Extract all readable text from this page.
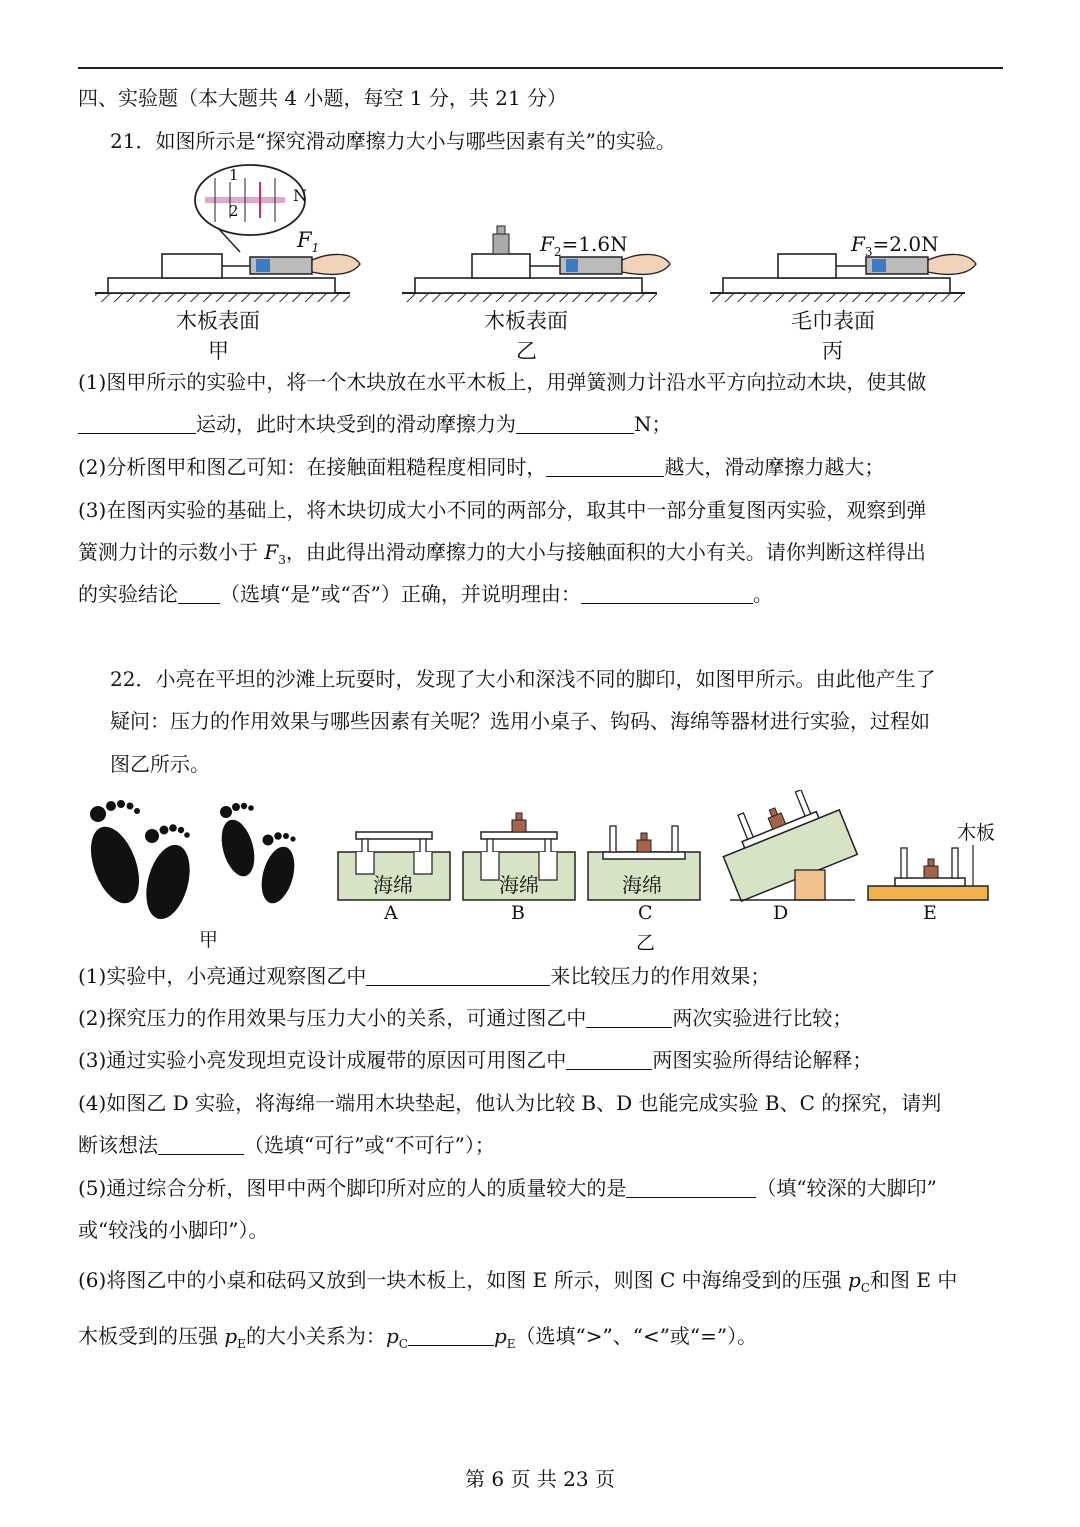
四、实验题（本大题共 4 小题，每空 1 分，共 21 分）
21．如图所示是“探究滑动摩擦力大小与哪些因素有关”的实验。
1
2
N
$F_1$	$F_2=1.6N$	$F_3=2.0N$
木板表面
甲
木板表面
乙
毛巾表面
丙
(1)图甲所示的实验中，将一个木块放在水平木板上，用弹簧测力计沿水平方向拉动木块，使其做
运动，此时木块受到的滑动摩擦力为	N；
(2)分析图甲和图乙可知：在接触面粗糙程度相同时，	越大，滑动摩擦力越大；
(3)在图丙实验的基础上，将木块切成大小不同的两部分，取其中一部分重复图丙实验，观察到弹
簧测力计的示数小于 $F_3$，由此得出滑动摩擦力的大小与接触面积的大小有关。请你判断这样得出
的实验结论 （选填“是”或“否”）正确，并说明理由：	。
22．小亮在平坦的沙滩上玩耍时，发现了大小和深浅不同的脚印，如图甲所示。由此他产生了
疑问：压力的作用效果与哪些因素有关呢？选用小桌子、钩码、海绵等器材进行实验，过程如
图乙所示。
海绵	海绵	海绵
木板
A	B	C	D	E
甲	乙
(1)实验中，小亮通过观察图乙中	来比较压力的作用效果；
(2)探究压力的作用效果与压力大小的关系，可通过图乙中	两次实验进行比较；
(3)通过实验小亮发现坦克设计成履带的原因可用图乙中	两图实验所得结论解释；
(4)如图乙 D 实验，将海绵一端用木块垫起，他认为比较 B、D 也能完成实验 B、C 的探究，请判
断该想法	（选填“可行”或“不可行”）；
(5)通过综合分析，图甲中两个脚印所对应的人的质量较大的是	（填“较深的大脚印”
或“较浅的小脚印”）。
(6)将图乙中的小桌和砝码又放到一块木板上，如图 E 所示，则图 C 中海绵受到的压强 $p_C$和图 E 中
木板受到的压强 $p_E$的大小关系为：$p_C$	$p_E$（选填“>”、“<”或“=”）。
第 6 页 共 23 页
